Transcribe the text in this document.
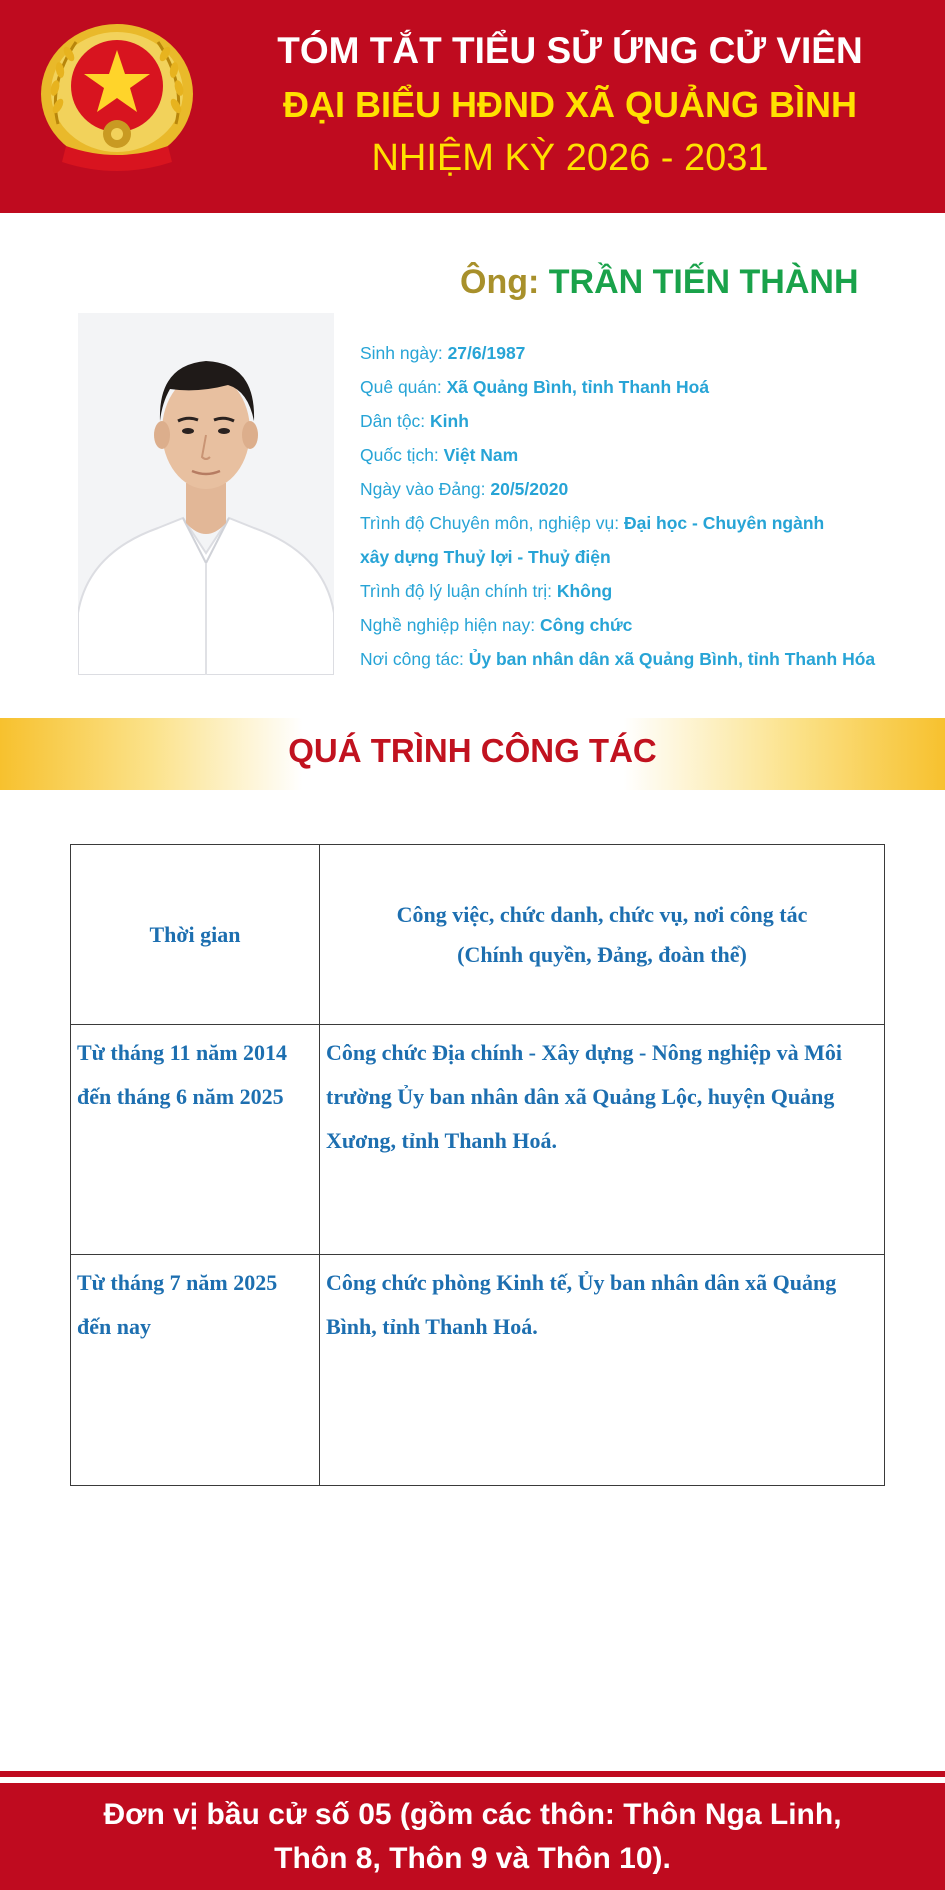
TÓM TẮT TIỂU SỬ ỨNG CỬ VIÊN
ĐẠI BIỂU HĐND XÃ QUẢNG BÌNH
NHIỆM KỲ 2026 - 2031
Ông: TRẦN TIẾN THÀNH
Sinh ngày: 27/6/1987
Quê quán: Xã Quảng Bình, tỉnh Thanh Hoá
Dân tộc: Kinh
Quốc tịch: Việt Nam
Ngày vào Đảng: 20/5/2020
Trình độ Chuyên môn, nghiệp vụ: Đại học - Chuyên ngành
xây dựng Thuỷ lợi - Thuỷ điện
Trình độ lý luận chính trị: Không
Nghề nghiệp hiện nay: Công chức
Nơi công tác: Ủy ban nhân dân xã Quảng Bình, tỉnh Thanh Hóa
QUÁ TRÌNH CÔNG TÁC
Thời gian	Công việc, chức danh, chức vụ, nơi công tác
(Chính quyền, Đảng, đoàn thể)

Từ tháng 11 năm 2014 đến tháng 6 năm 2025	Công chức Địa chính - Xây dựng - Nông nghiệp và Môi trường Ủy ban nhân dân xã Quảng Lộc, huyện Quảng Xương, tỉnh Thanh Hoá.
Từ tháng 7 năm 2025 đến nay	Công chức phòng Kinh tế, Ủy ban nhân dân xã Quảng Bình, tỉnh Thanh Hoá.
Đơn vị bầu cử số 05 (gồm các thôn: Thôn Nga Linh,
Thôn 8, Thôn 9 và Thôn 10).
